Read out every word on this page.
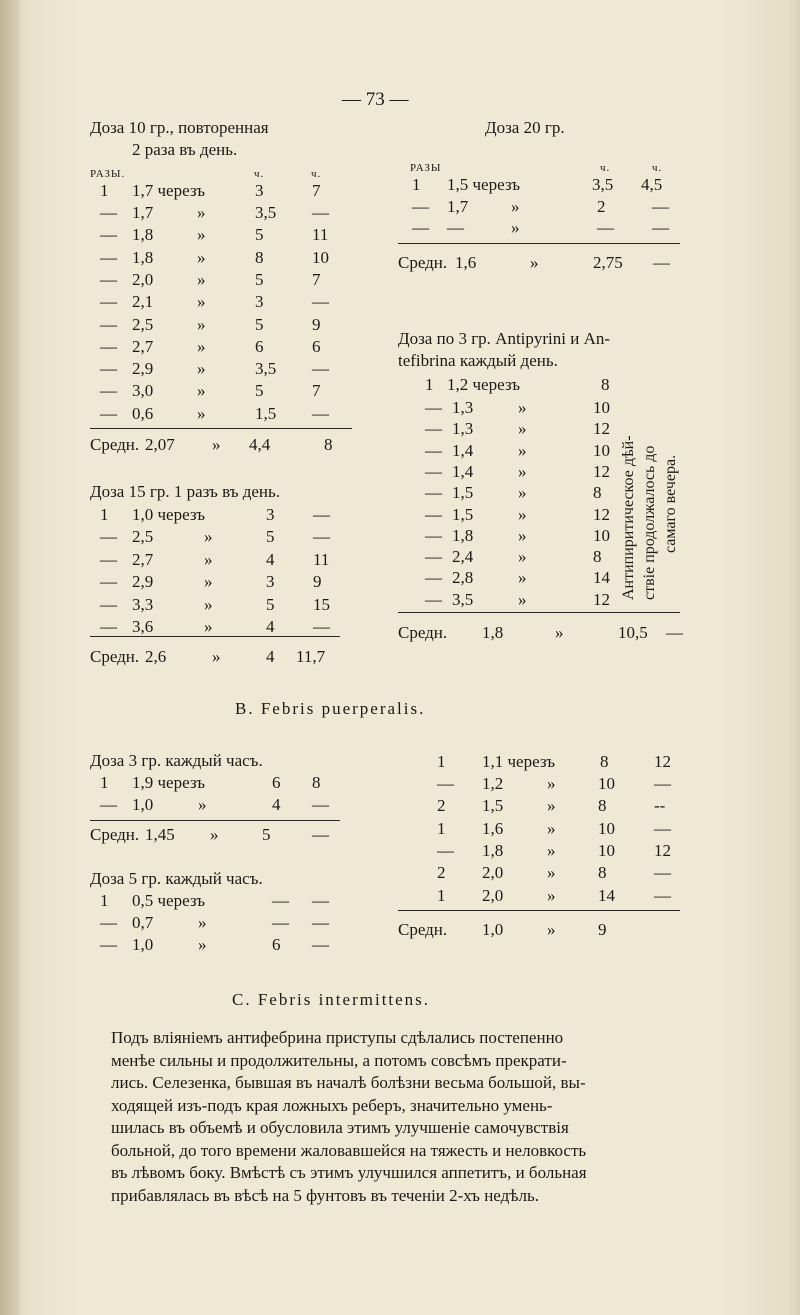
— 73 —
Доза 10 гр., повторенная
2 раза въ день.
РАЗЫ.	ч.	ч.
1 1,7 черезъ	3	7
— 1,7	»	3,5 —
— 1,8	»	5	11
— 1,8	»	8	10
— 2,0	»	5	7
— 2,1	»	3	—
— 2,5	»	5	9
— 2,7	»	6	6
— 2,9	»	3,5 —
— 3,0	»	5	7
— 0,6	»	1,5 —
Средн. 2,07 » 4,4	8
Доза 15 гр. 1 разъ въ день.
1 1,0 черезъ	3 —
— 2,5	»	5 —
— 2,7	»	4 11
— 2,9	»	3 9
— 3,3	»	5 15
— 3,6	»	4 —
Средн. 2,6	»	4 11,7
Доза 20 гр.
РАЗЫ	ч.	ч.
1 1,5 черезъ	3,5 4,5
— 1,7	»	2	—
— —	»	— —
Средн. 1,6	»	2,75 —
Доза по 3 гр. Antipyrini и An-
tefibrina каждый день.
1 1,2 черезъ	8
— 1,3	»	10
— 1,3	»	12
— 1,4	»	10
— 1,4	»	12
— 1,5	»	8
— 1,5	»	12
— 1,8	»	10
— 2,4	»	8
— 2,8	»	14
— 3,5	»	12 Антипиритическое дѣй- ствіе продолжалось до самаго вечера.
Средн. 1,8	»	10,5 —
B. Febris puerperalis.
Доза 3 гр. каждый часъ.
1 1,9 черезъ	6 8
— 1,0	»	4 —
Средн. 1,45 »	5 —
Доза 5 гр. каждый часъ.
1 0,5 черезъ	— —
— 0,7	»	— —
— 1,0	»	6 —
1 1,1 черезъ	8	12
— 1,2	»	10 —
2 1,5	»	8	--
1 1,6	»	10 —
— 1,8	»	10 12
2 2,0	»	8	—
1 2,0	»	14 —
Средн. 1,0	»	9
C. Febris intermittens.
Подъ вліяніемъ антифебрина приступы сдѣлались постепенно
менѣе сильны и продолжительны, а потомъ совсѣмъ прекрати-
лись. Селезенка, бывшая въ началѣ болѣзни весьма большой, вы-
ходящей изъ-подъ края ложныхъ реберъ, значительно умень-
шилась въ объемѣ и обусловила этимъ улучшеніе самочувствія
больной, до того времени жаловавшейся на тяжесть и неловкость
въ лѣвомъ боку. Вмѣстѣ съ этимъ улучшился аппетитъ, и больная
прибавлялась въ вѣсѣ на 5 фунтовъ въ теченіи 2-хъ недѣль.
